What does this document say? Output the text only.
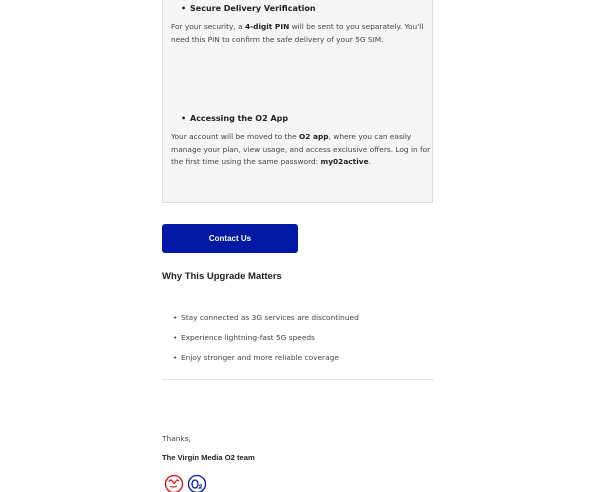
• Secure Delivery Verification

For your security, a 4-digit PIN will be sent to you separately. You'll need this PIN to confirm the safe delivery of your 5G SIM.

• Accessing the O2 App

Your account will be moved to the O2 app, where you can easily manage your plan, view usage, and access exclusive offers. Log in for the first time using the same password: my02active.

Contact Us
Why This Upgrade Matters
• Stay connected as 3G services are discontinued
• Experience lightning-fast 5G speeds
• Enjoy stronger and more reliable coverage
Thanks,
The Virgin Media O2 team
